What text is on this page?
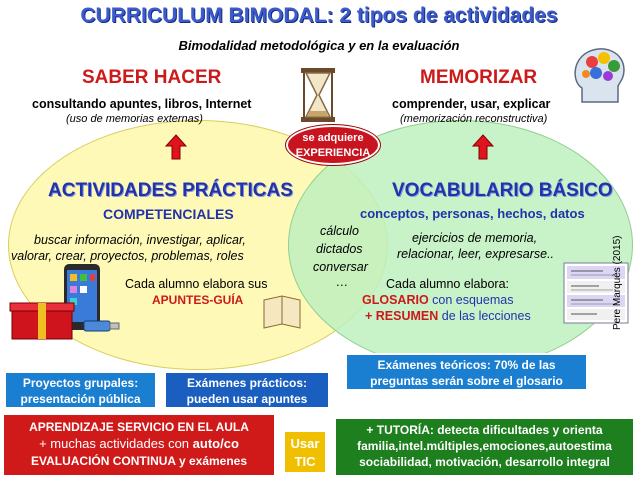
CURRICULUM BIMODAL: 2 tipos de actividades
Bimodalidad metodológica y en la evaluación
SABER HACER
consultando apuntes, libros, Internet
(uso de memorias externas)
MEMORIZAR
comprender, usar, explicar
(memorización reconstructiva)
se adquiere
EXPERIENCIA
ACTIVIDADES PRÁCTICAS
COMPETENCIALES
buscar información, investigar, aplicar,
valorar, crear, proyectos, problemas, roles
Cada alumno elabora sus
APUNTES-GUÍA
cálculo
dictados
conversar
…
VOCABULARIO BÁSICO
conceptos, personas, hechos, datos
ejercicios de memoria,
relacionar, leer, expresarse..
Cada alumno elabora:
GLOSARIO con esquemas
+ RESUMEN de las lecciones	Pere Marquès (2015)
Proyectos grupales:
presentación pública
Exámenes prácticos:
pueden usar apuntes
Exámenes teóricos: 70% de las
preguntas serán sobre el glosario
APRENDIZAJE SERVICIO EN EL AULA
+ muchas actividades con auto/co
EVALUACIÓN CONTINUA y exámenes
Usar
TIC
+ TUTORÍA: detecta dificultades y orienta
familia,intel.múltiples,emociones,autoestima
sociabilidad, motivación, desarrollo integral
